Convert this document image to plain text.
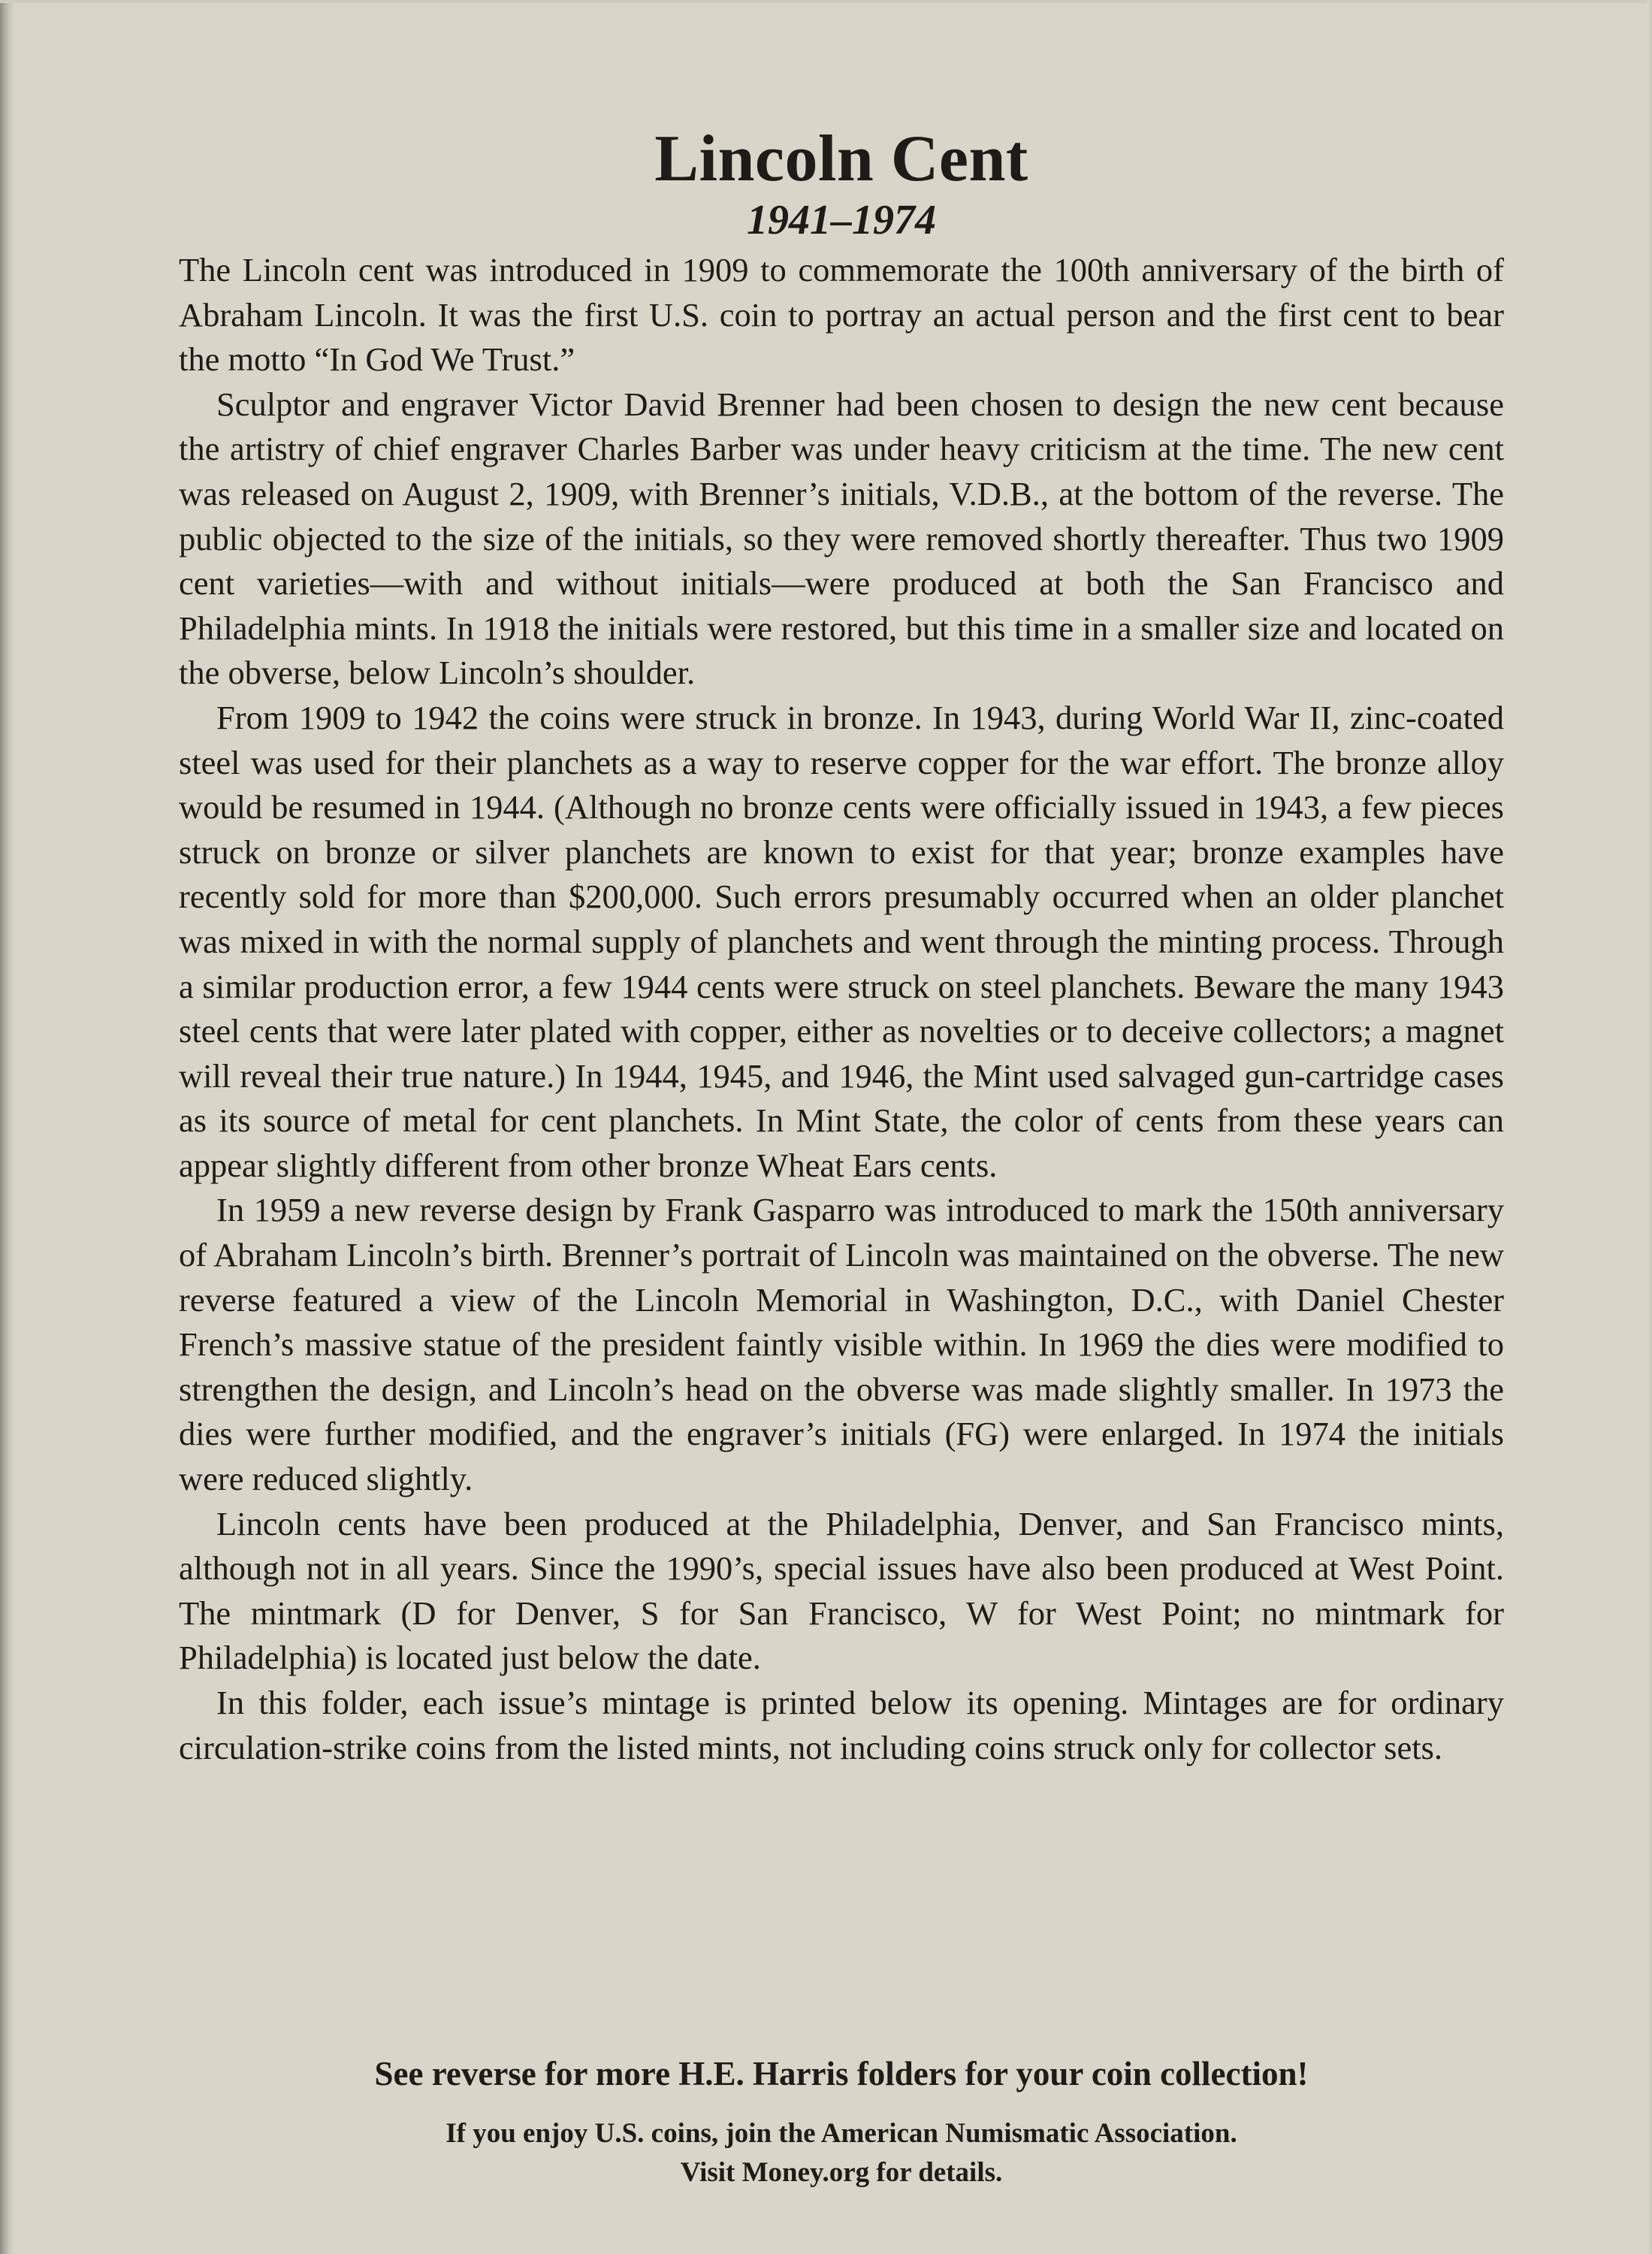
Lincoln Cent
1941–1974

The Lincoln cent was introduced in 1909 to commemorate the 100th anniversary of the birth of Abraham Lincoln. It was the first U.S. coin to portray an actual person and the first cent to bear the motto “In God We Trust.”

Sculptor and engraver Victor David Brenner had been chosen to design the new cent because the artistry of chief engraver Charles Barber was under heavy criticism at the time. The new cent was released on August 2, 1909, with Brenner’s initials, V.D.B., at the bottom of the reverse. The public objected to the size of the initials, so they were removed shortly thereafter. Thus two 1909 cent varieties—with and without initials—were produced at both the San Francisco and Philadelphia mints. In 1918 the initials were restored, but this time in a smaller size and located on the obverse, below Lincoln’s shoulder.

From 1909 to 1942 the coins were struck in bronze. In 1943, during World War II, zinc-coated steel was used for their planchets as a way to reserve copper for the war effort. The bronze alloy would be resumed in 1944. (Although no bronze cents were officially issued in 1943, a few pieces struck on bronze or silver planchets are known to exist for that year; bronze examples have recently sold for more than $200,000. Such errors presumably occurred when an older planchet was mixed in with the normal supply of planchets and went through the minting process. Through a similar production error, a few 1944 cents were struck on steel planchets. Beware the many 1943 steel cents that were later plated with copper, either as novelties or to deceive collectors; a magnet will reveal their true nature.) In 1944, 1945, and 1946, the Mint used salvaged gun-cartridge cases as its source of metal for cent planchets. In Mint State, the color of cents from these years can appear slightly different from other bronze Wheat Ears cents.

In 1959 a new reverse design by Frank Gasparro was introduced to mark the 150th anniversary of Abraham Lincoln’s birth. Brenner’s portrait of Lincoln was maintained on the obverse. The new reverse featured a view of the Lincoln Memorial in Washington, D.C., with Daniel Chester French’s massive statue of the president faintly visible within. In 1969 the dies were modified to strengthen the design, and Lincoln’s head on the obverse was made slightly smaller. In 1973 the dies were further modified, and the engraver’s initials (FG) were enlarged. In 1974 the initials were reduced slightly.

Lincoln cents have been produced at the Philadelphia, Denver, and San Francisco mints, although not in all years. Since the 1990’s, special issues have also been produced at West Point. The mintmark (D for Denver, S for San Francisco, W for West Point; no mintmark for Philadelphia) is located just below the date.

In this folder, each issue’s mintage is printed below its opening. Mintages are for ordinary circulation-strike coins from the listed mints, not including coins struck only for collector sets.

See reverse for more H.E. Harris folders for your coin collection!

If you enjoy U.S. coins, join the American Numismatic Association.

Visit Money.org for details.
